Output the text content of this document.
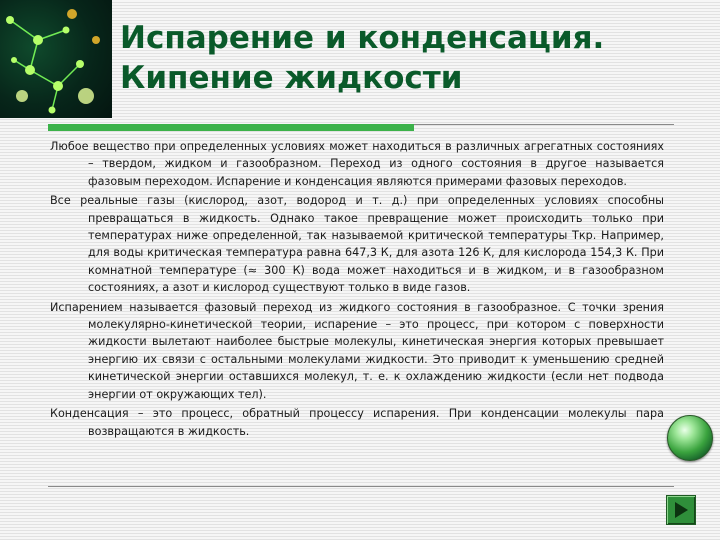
Испарение и конденсация.
Кипение жидкости

Любое вещество при определенных условиях может находиться в различных агрегатных состояниях – твердом, жидком и газообразном. Переход из одного состояния в другое называется фазовым переходом. Испарение и конденсация являются примерами фазовых переходов.

Все реальные газы (кислород, азот, водород и т. д.) при определенных условиях способны превращаться в жидкость. Однако такое превращение может происходить только при температурах ниже определенной, так называемой критической температуры Tкр. Например, для воды критическая температура равна 647,3 К, для азота 126 К, для кислорода 154,3 К. При комнатной температуре (≈ 300 К) вода может находиться и в жидком, и в газообразном состояниях, а азот и кислород существуют только в виде газов.

Испарением называется фазовый переход из жидкого состояния в газообразное. С точки зрения молекулярно-кинетической теории, испарение – это процесс, при котором с поверхности жидкости вылетают наиболее быстрые молекулы, кинетическая энергия которых превышает энергию их связи с остальными молекулами жидкости. Это приводит к уменьшению средней кинетической энергии оставшихся молекул, т. е. к охлаждению жидкости (если нет подвода энергии от окружающих тел).

Конденсация – это процесс, обратный процессу испарения. При конденсации молекулы пара возвращаются в жидкость.
